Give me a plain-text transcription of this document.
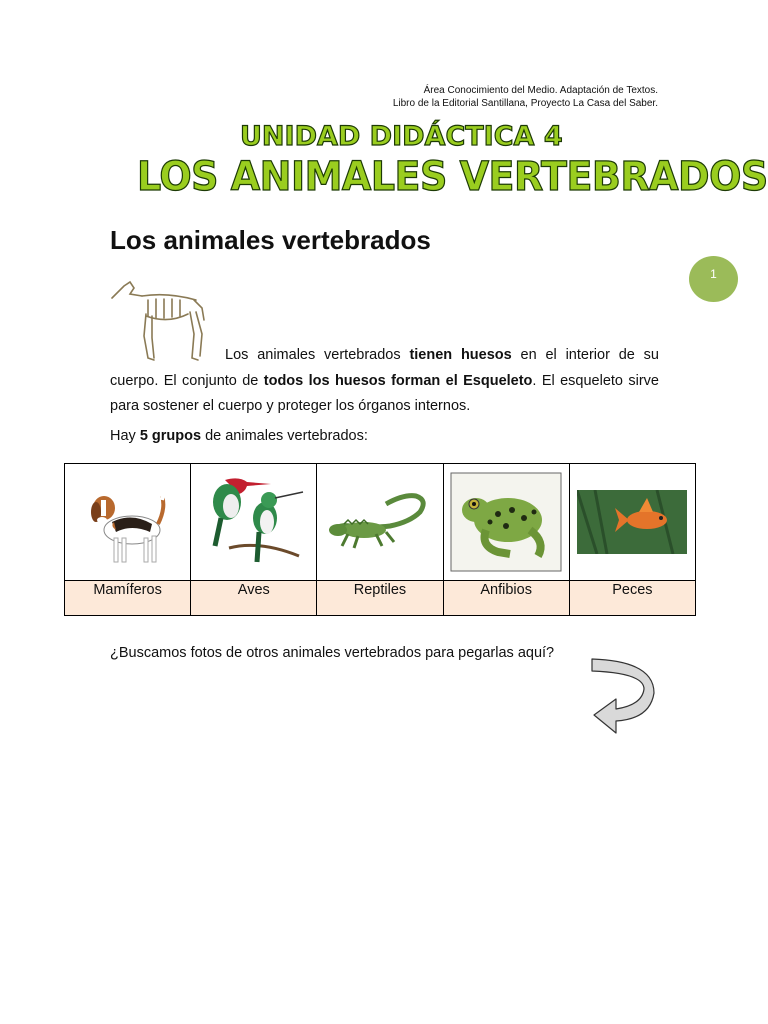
Área Conocimiento del Medio. Adaptación de Textos.
Libro de la Editorial Santillana, Proyecto La Casa del Saber.
UNIDAD DIDÁCTICA 4
LOS ANIMALES VERTEBRADOS
Los animales vertebrados
1
Los animales vertebrados tienen huesos en el interior de su cuerpo. El conjunto de todos los huesos forman el Esqueleto. El esqueleto sirve para sostener el cuerpo y proteger los órganos internos.
Hay 5 grupos de animales vertebrados:

Mamíferos	Aves	Reptiles	Anfibios	Peces
¿Buscamos fotos de otros animales vertebrados para pegarlas aquí?
